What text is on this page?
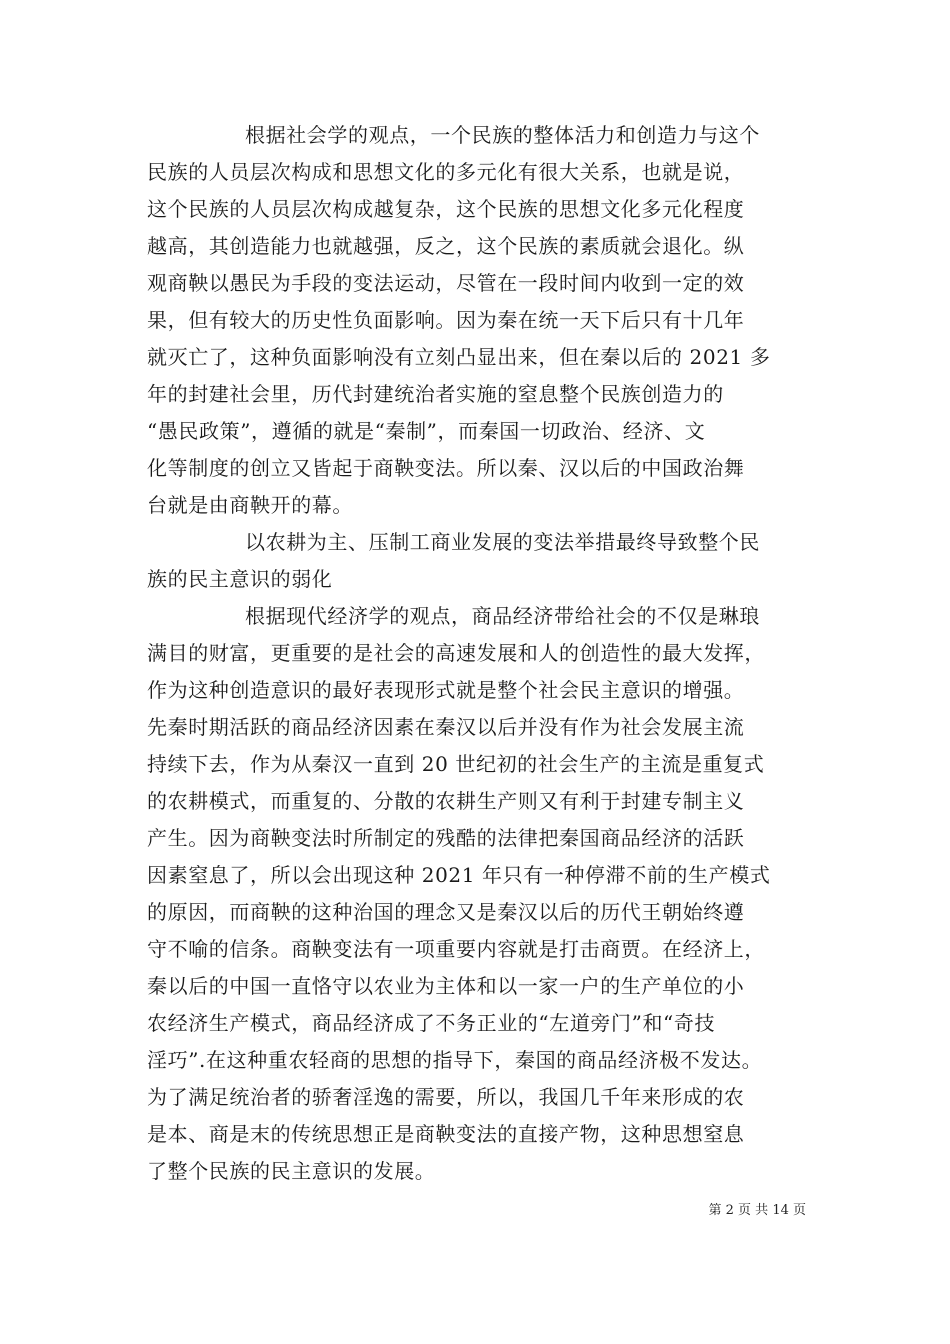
根据社会学的观点，一个民族的整体活力和创造力与这个
民族的人员层次构成和思想文化的多元化有很大关系，也就是说，
这个民族的人员层次构成越复杂，这个民族的思想文化多元化程度
越高，其创造能力也就越强，反之，这个民族的素质就会退化。纵
观商鞅以愚民为手段的变法运动，尽管在一段时间内收到一定的效
果，但有较大的历史性负面影响。因为秦在统一天下后只有十几年
就灭亡了，这种负面影响没有立刻凸显出来，但在秦以后的 2021 多
年的封建社会里，历代封建统治者实施的窒息整个民族创造力的
“愚民政策”，遵循的就是“秦制”，而秦国一切政治、经济、文
化等制度的创立又皆起于商鞅变法。所以秦、汉以后的中国政治舞
台就是由商鞅开的幕。
以农耕为主、压制工商业发展的变法举措最终导致整个民
族的民主意识的弱化
根据现代经济学的观点，商品经济带给社会的不仅是琳琅
满目的财富，更重要的是社会的高速发展和人的创造性的最大发挥，
作为这种创造意识的最好表现形式就是整个社会民主意识的增强。
先秦时期活跃的商品经济因素在秦汉以后并没有作为社会发展主流
持续下去，作为从秦汉一直到 20 世纪初的社会生产的主流是重复式
的农耕模式，而重复的、分散的农耕生产则又有利于封建专制主义
产生。因为商鞅变法时所制定的残酷的法律把秦国商品经济的活跃
因素窒息了，所以会出现这种 2021 年只有一种停滞不前的生产模式
的原因，而商鞅的这种治国的理念又是秦汉以后的历代王朝始终遵
守不喻的信条。商鞅变法有一项重要内容就是打击商贾。在经济上，
秦以后的中国一直恪守以农业为主体和以一家一户的生产单位的小
农经济生产模式，商品经济成了不务正业的“左道旁门”和“奇技
淫巧”.在这种重农轻商的思想的指导下，秦国的商品经济极不发达。
为了满足统治者的骄奢淫逸的需要，所以，我国几千年来形成的农
是本、商是末的传统思想正是商鞅变法的直接产物，这种思想窒息
了整个民族的民主意识的发展。
第 2 页 共 14 页
